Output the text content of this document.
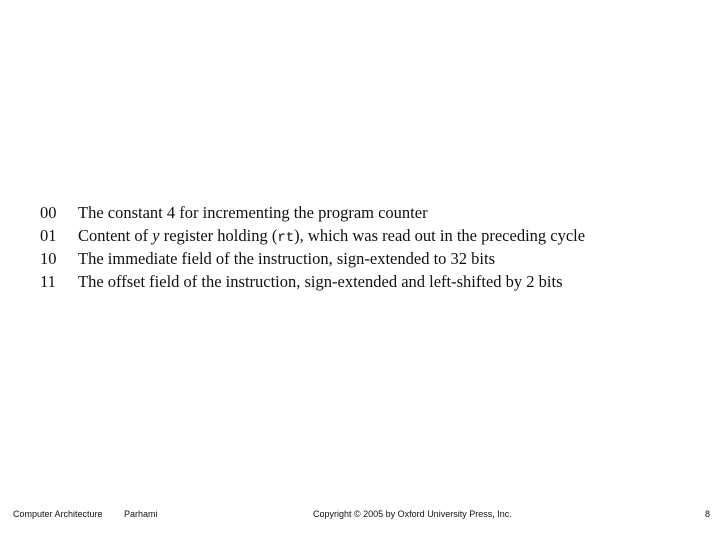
00 The constant 4 for incrementing the program counter
01 Content of y register holding (rt), which was read out in the preceding cycle
10 The immediate field of the instruction, sign-extended to 32 bits
11 The offset field of the instruction, sign-extended and left-shifted by 2 bits
Computer Architecture Parhami	Copyright © 2005 by Oxford University Press, Inc.	8
